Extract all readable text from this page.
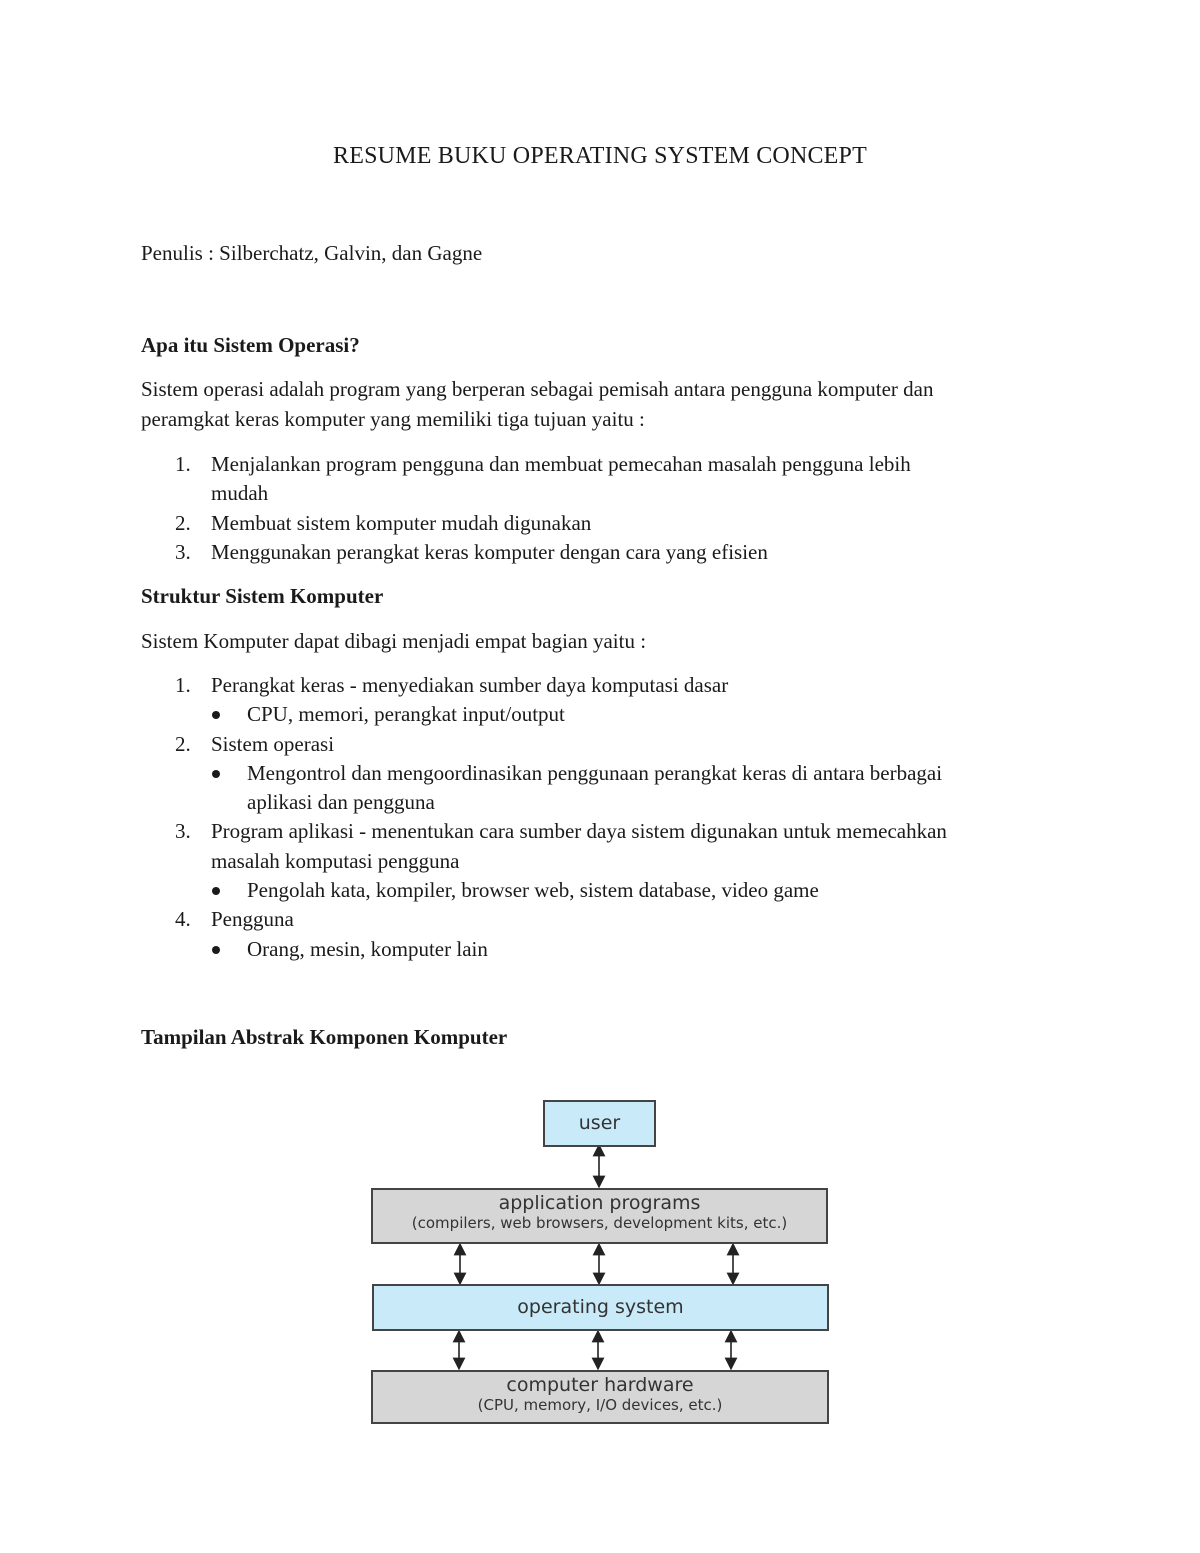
RESUME BUKU OPERATING SYSTEM CONCEPT
Penulis : Silberchatz, Galvin, dan Gagne
Apa itu Sistem Operasi?
Sistem operasi adalah program yang berperan sebagai pemisah antara pengguna komputer dan
peramgkat keras komputer yang memiliki tiga tujuan yaitu :
1. Menjalankan program pengguna dan membuat pemecahan masalah pengguna lebih
mudah
2. Membuat sistem komputer mudah digunakan
3. Menggunakan perangkat keras komputer dengan cara yang efisien
Struktur Sistem Komputer
Sistem Komputer dapat dibagi menjadi empat bagian yaitu :
1. Perangkat keras - menyediakan sumber daya komputasi dasar
CPU, memori, perangkat input/output
2. Sistem operasi
Mengontrol dan mengoordinasikan penggunaan perangkat keras di antara berbagai
aplikasi dan pengguna
3. Program aplikasi - menentukan cara sumber daya sistem digunakan untuk memecahkan
masalah komputasi pengguna
Pengolah kata, kompiler, browser web, sistem database, video game
4. Pengguna
Orang, mesin, komputer lain
Tampilan Abstrak Komponen Komputer
user
application programs
(compilers, web browsers, development kits, etc.)
operating system
computer hardware
(CPU, memory, I/O devices, etc.)
